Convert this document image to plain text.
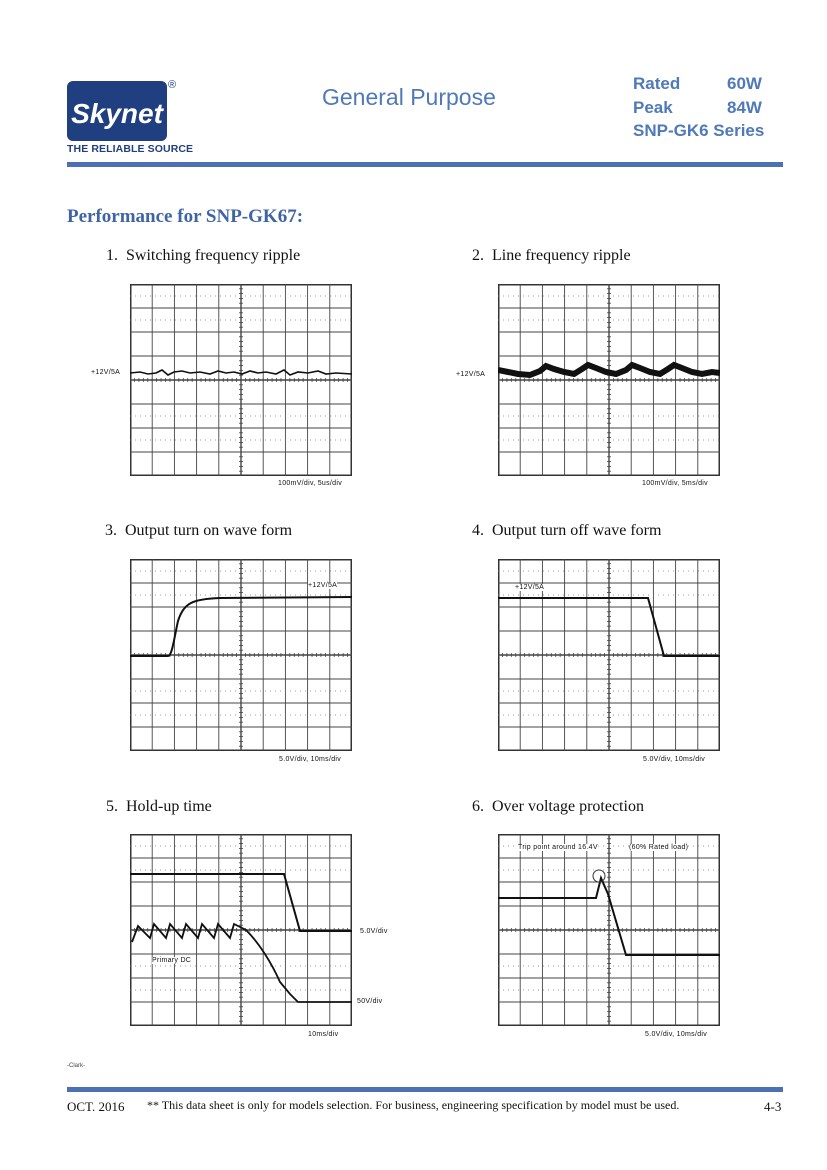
Skynet
®
THE RELIABLE SOURCE
General Purpose
Rated	60W
Peak	84W
SNP-GK6 Series
Performance for SNP-GK67:
1. Switching frequency ripple	2. Line frequency ripple
3. Output turn on wave form	4. Output turn off wave form
5. Hold-up time	6. Over voltage protection
+12V/5A
100mV/div, 5us/div
+12V/5A
100mV/div, 5ms/div
+12V/5A
5.0V/div, 10ms/div
+12V/5A
5.0V/div, 10ms/div
Primary DC
5.0V/div
50V/div
10ms/div
Trip point around 16.4V	(60% Rated load)
5.0V/div, 10ms/div
-Clark-
OCT. 2016 ** This data sheet is only for models selection. For business, engineering specification by model must be used.	4-3
